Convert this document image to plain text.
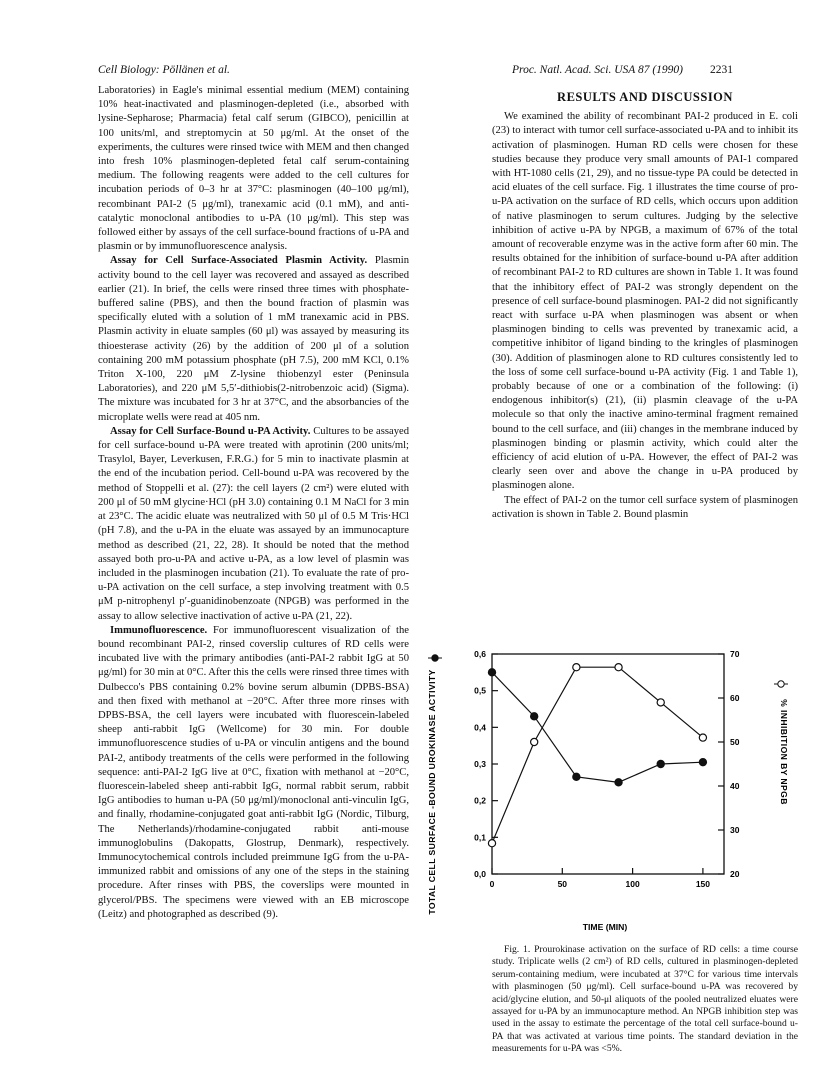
Cell Biology: Pöllänen et al.	Proc. Natl. Acad. Sci. USA 87 (1990) 2231

Laboratories) in Eagle's minimal essential medium (MEM) containing 10% heat-inactivated and plasminogen-depleted (i.e., absorbed with lysine-Sepharose; Pharmacia) fetal calf serum (GIBCO), penicillin at 100 units/ml, and streptomycin at 50 μg/ml. At the onset of the experiments, the cultures were rinsed twice with MEM and then changed into fresh 10% plasminogen-depleted fetal calf serum-containing medium. The following reagents were added to the cell cultures for incubation periods of 0–3 hr at 37°C: plasminogen (40–100 μg/ml), recombinant PAI-2 (5 μg/ml), tranexamic acid (0.1 mM), and anti-catalytic monoclonal antibodies to u-PA (10 μg/ml). This step was followed either by assays of the cell surface-bound fractions of u-PA and plasmin or by immunofluorescence analysis.

Assay for Cell Surface-Associated Plasmin Activity. Plasmin activity bound to the cell layer was recovered and assayed as described earlier (21). In brief, the cells were rinsed three times with phosphate-buffered saline (PBS), and then the bound fraction of plasmin was specifically eluted with a solution of 1 mM tranexamic acid in PBS. Plasmin activity in eluate samples (60 μl) was assayed by measuring its thioesterase activity (26) by the addition of 200 μl of a solution containing 200 mM potassium phosphate (pH 7.5), 200 mM KCl, 0.1% Triton X-100, 220 μM Z-lysine thiobenzyl ester (Peninsula Laboratories), and 220 μM 5,5′-dithiobis(2-nitrobenzoic acid) (Sigma). The mixture was incubated for 3 hr at 37°C, and the absorbancies of the microplate wells were read at 405 nm.

Assay for Cell Surface-Bound u-PA Activity. Cultures to be assayed for cell surface-bound u-PA were treated with aprotinin (200 units/ml; Trasylol, Bayer, Leverkusen, F.R.G.) for 5 min to inactivate plasmin at the end of the incubation period. Cell-bound u-PA was recovered by the method of Stoppelli et al. (27): the cell layers (2 cm²) were eluted with 200 μl of 50 mM glycine·HCl (pH 3.0) containing 0.1 M NaCl for 3 min at 23°C. The acidic eluate was neutralized with 50 μl of 0.5 M Tris·HCl (pH 7.8), and the u-PA in the eluate was assayed by an immunocapture method as described (21, 22, 28). It should be noted that the method assayed both pro-u-PA and active u-PA, as a low level of plasmin was included in the plasminogen incubation (21). To evaluate the rate of pro-u-PA activation on the cell surface, a step involving treatment with 0.5 μM p-nitrophenyl p′-guanidinobenzoate (NPGB) was performed in the assay to allow selective inactivation of active u-PA (21, 22).

Immunofluorescence. For immunofluorescent visualization of the bound recombinant PAI-2, rinsed coverslip cultures of RD cells were incubated live with the primary antibodies (anti-PAI-2 rabbit IgG at 50 μg/ml) for 30 min at 0°C. After this the cells were rinsed three times with Dulbecco's PBS containing 0.2% bovine serum albumin (DPBS-BSA) and then fixed with methanol at −20°C. After three more rinses with DPBS-BSA, the cell layers were incubated with fluorescein-labeled sheep anti-rabbit IgG (Wellcome) for 30 min. For double immunofluorescence studies of u-PA or vinculin antigens and the bound PAI-2, antibody treatments of the cells were performed in the following sequence: anti-PAI-2 IgG live at 0°C, fixation with methanol at −20°C, fluorescein-labeled sheep anti-rabbit IgG, normal rabbit serum, rabbit IgG antibodies to human u-PA (50 μg/ml)/monoclonal anti-vinculin IgG, and finally, rhodamine-conjugated goat anti-rabbit IgG (Nordic, Tilburg, The Netherlands)/rhodamine-conjugated rabbit anti-mouse immunoglobulins (Dakopatts, Glostrup, Denmark), respectively. Immunocytochemical controls included preimmune IgG from the u-PA-immunized rabbit and omissions of any one of the steps in the staining procedure. After rinses with PBS, the coverslips were mounted in glycerol/PBS. The specimens were viewed with an EB microscope (Leitz) and photographed as described (9).

RESULTS AND DISCUSSION

We examined the ability of recombinant PAI-2 produced in E. coli (23) to interact with tumor cell surface-associated u-PA and to inhibit its activation of plasminogen. Human RD cells were chosen for these studies because they produce very small amounts of PAI-1 compared with HT-1080 cells (21, 29), and no tissue-type PA could be detected in acid eluates of the cell surface. Fig. 1 illustrates the time course of pro-u-PA activation on the surface of RD cells, which occurs upon addition of native plasminogen to serum cultures. Judging by the selective inhibition of active u-PA by NPGB, a maximum of 67% of the total amount of recoverable enzyme was in the active form after 60 min. The results obtained for the inhibition of surface-bound u-PA after addition of recombinant PAI-2 to RD cultures are shown in Table 1. It was found that the inhibitory effect of PAI-2 was strongly dependent on the presence of cell surface-bound plasminogen. PAI-2 did not significantly react with surface u-PA when plasminogen was absent or when plasminogen binding to cells was prevented by tranexamic acid, a competitive inhibitor of ligand binding to the kringles of plasminogen (30). Addition of plasminogen alone to RD cultures consistently led to the loss of some cell surface-bound u-PA activity (Fig. 1 and Table 1), probably because of one or a combination of the following: (i) endogenous inhibitor(s) (21), (ii) plasmin cleavage of the u-PA molecule so that only the inactive amino-terminal fragment remained bound to the cell surface, and (iii) changes in the membrane induced by plasminogen binding or plasmin activity, which could alter the efficiency of acid elution of u-PA. However, the effect of PAI-2 was clearly seen over and above the change in u-PA produced by plasminogen alone.

The effect of PAI-2 on the tumor cell surface system of plasminogen activation is shown in Table 2. Bound plasmin

0,0
0,1
0,2
0,3
0,4
0,5
0,6
20
30
40
50
60
70
0	50	100	150
TOTAL CELL SURFACE -BOUND UROKINASE ACTIVITY	% INHIBITION BY NPGB
TIME (MIN)

Fig. 1. Prourokinase activation on the surface of RD cells: a time course study. Triplicate wells (2 cm²) of RD cells, cultured in plasminogen-depleted serum-containing medium, were incubated at 37°C for various time intervals with plasminogen (50 μg/ml). Cell surface-bound u-PA was recovered by acid/glycine elution, and 50-μl aliquots of the pooled neutralized eluates were assayed for u-PA by an immunocapture method. An NPGB inhibition step was used in the assay to estimate the percentage of the total cell surface-bound u-PA that was activated at various time points. The standard deviation in the measurements for u-PA was <5%.
